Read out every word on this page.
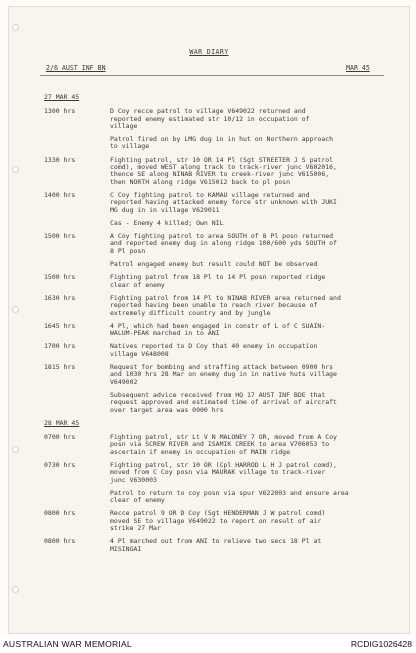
WAR DIARY
2/6 AUST INF BN	MAR 45
27 MAR 45
1300 hrs	D Coy recce patrol to village V649022 returned and
reported enemy estimated str 10/12 in occupation of
village
Patrol fired on by LMG dug in in hut on Northern approach
to village
1330 hrs	Fighting patrol, str 10 OR 14 Pl (Sgt STREETER J S patrol
comd), moved WEST along track to track-river junc V602016,
thence SE along NINAB RIVER to creek-river junc V615006,
then NORTH along ridge V615012 back to pl posn
1400 hrs	C Coy fighting patrol to KAMAU village returned and
reported having attacked enemy force str unknown with JUKI
MG dug in in village V629011
Cas - Enemy 4 killed; Own NIL
1500 hrs	A Coy fighting patrol to area SOUTH of 8 Pl posn returned
and reported enemy dug in along ridge 100/600 yds SOUTH of
8 Pl posn
Patrol engaged enemy but result could NOT be observed
1500 hrs	Fighting patrol from 18 Pl to 14 Pl posn reported ridge
clear of enemy
1630 hrs	Fighting patrol from 14 Pl to NINAB RIVER area returned and
reported having been unable to reach river because of
extremely difficult country and by jungle
1645 hrs	4 Pl, which had been engaged in constr of L of C SUAIN-
WALUM-PEAK marched in to ANI
1700 hrs	Natives reported to D Coy that 40 enemy in occupation
village V648008
1815 hrs	Request for bombing and straffing attack between 0900 hrs
and 1030 hrs 28 Mar on enemy dug in in native huts village
V649002
Subsequent advice received from HQ 17 AUST INF BDE that
request approved and estimated time of arrival of aircraft
over target area was 0900 hrs
28 MAR 45
0700 hrs	Fighting patrol, str Lt V N MALONEY 7 OR, moved from A Coy
posn via SCREW RIVER and ISAMIK CREEK to area V706053 to
ascertain if enemy in occupation of MAIN ridge
0730 hrs	Fighting patrol, str 10 OR (Cpl HARROD L H J patrol comd),
moved from C Coy posn via MAURAK village to track-river
junc V630003
Patrol to return to coy posn via spur V622003 and ensure area
clear of enemy
0800 hrs	Recce patrol 9 OR D Coy (Sgt HENDERMAN J W patrol comd)
moved SE to village V649022 to report on result of air
strike 27 Mar
0800 hrs	4 Pl marched out from ANI to relieve two secs 18 Pl at
MISINGAI
AUSTRALIAN WAR MEMORIAL	RCDIG1026428
